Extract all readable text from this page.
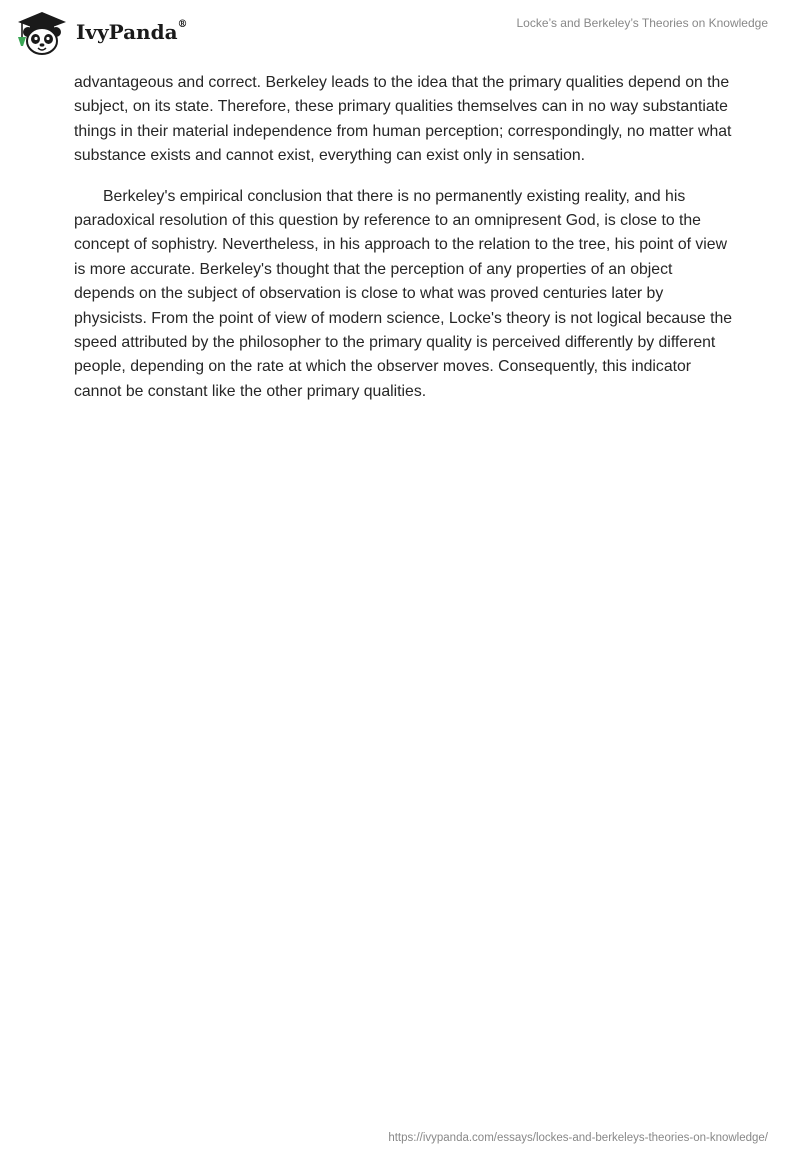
IvyPanda®	Locke’s and Berkeley’s Theories on Knowledge

advantageous and correct. Berkeley leads to the idea that the primary qualities depend on the subject, on its state. Therefore, these primary qualities themselves can in no way substantiate things in their material independence from human perception; correspondingly, no matter what substance exists and cannot exist, everything can exist only in sensation.

Berkeley's empirical conclusion that there is no permanently existing reality, and his paradoxical resolution of this question by reference to an omnipresent God, is close to the concept of sophistry. Nevertheless, in his approach to the relation to the tree, his point of view is more accurate. Berkeley's thought that the perception of any properties of an object depends on the subject of observation is close to what was proved centuries later by physicists. From the point of view of modern science, Locke's theory is not logical because the speed attributed by the philosopher to the primary quality is perceived differently by different people, depending on the rate at which the observer moves. Consequently, this indicator cannot be constant like the other primary qualities.

https://ivypanda.com/essays/lockes-and-berkeleys-theories-on-knowledge/
